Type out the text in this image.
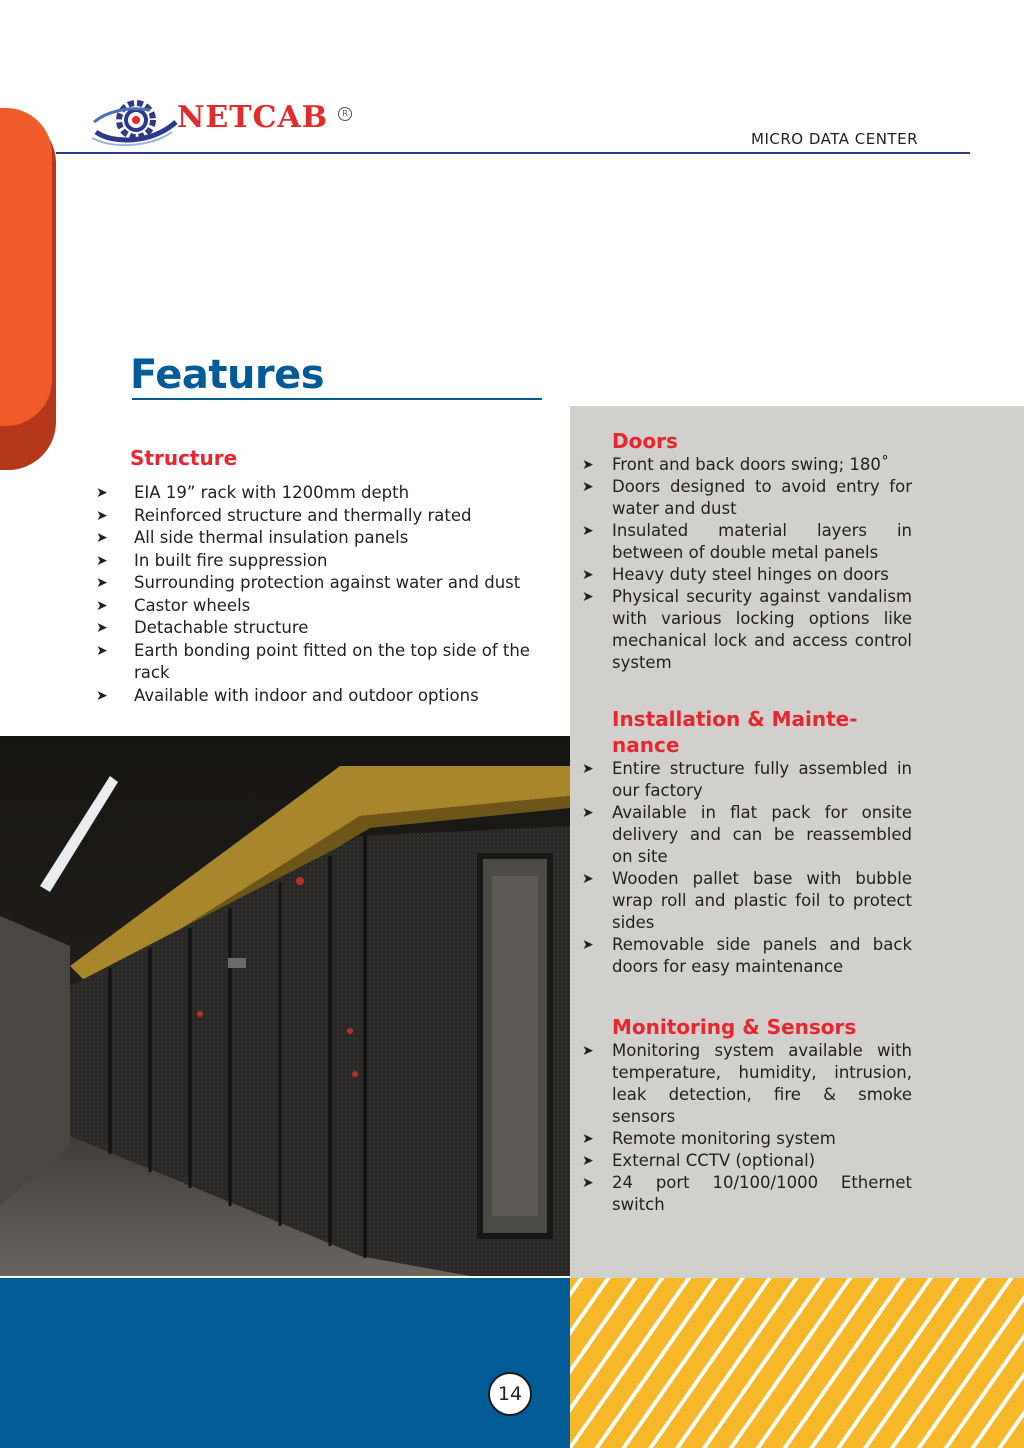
NETCAB	R
MICRO DATA CENTER
Features
Structure
➤ EIA 19” rack with 1200mm depth
➤ Reinforced structure and thermally rated
➤ All side thermal insulation panels
➤ In built fire suppression
➤ Surrounding protection against water and dust
➤ Castor wheels
➤ Detachable structure
➤ Earth bonding point fitted on the top side of the rack
➤ Available with indoor and outdoor options
Doors
➤ Front and back doors swing; 180˚
➤ Doors designed to avoid entry for water and dust
➤ Insulated material layers in between of double metal panels
➤ Heavy duty steel hinges on doors
➤ Physical security against vandalism with various locking options like mechanical lock and access control system
Installation & Mainte-
nance
➤ Entire structure fully assembled in our factory
➤ Available in flat pack for onsite delivery and can be reassembled on site
➤ Wooden pallet base with bubble wrap roll and plastic foil to protect sides
➤ Removable side panels and back doors for easy maintenance
Monitoring & Sensors
➤ Monitoring system available with temperature, humidity, intrusion, leak detection, fire & smoke sensors
➤ Remote monitoring system
➤ External CCTV (optional)
➤ 24 port 10/100/1000 Ethernet switch
14
